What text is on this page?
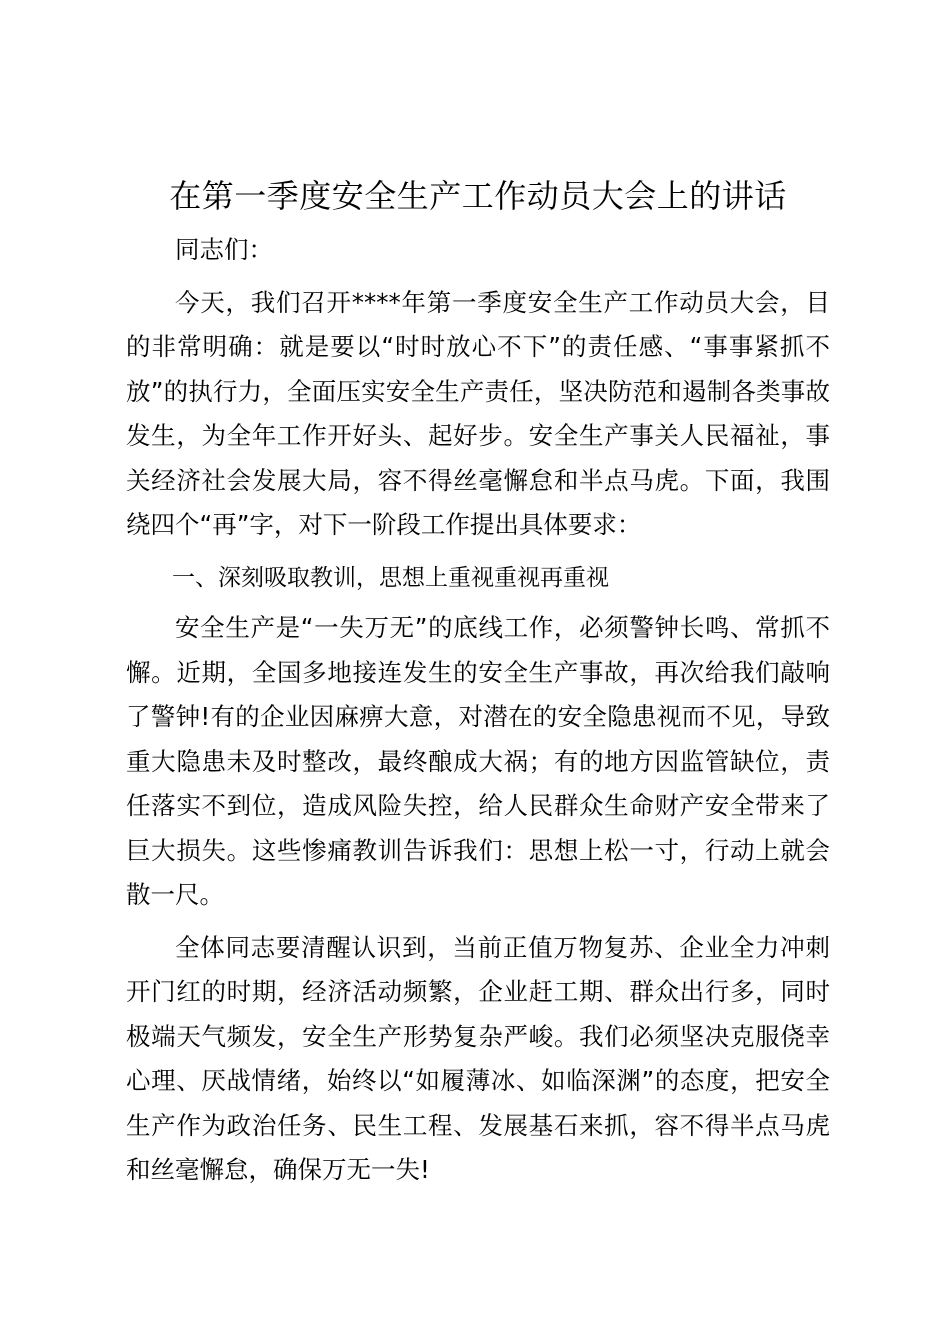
在第一季度安全生产工作动员大会上的讲话

同志们：

今天，我们召开****年第一季度安全生产工作动员大会，目的非常明确：就是要以“时时放心不下”的责任感、“事事紧抓不放”的执行力，全面压实安全生产责任，坚决防范和遏制各类事故发生，为全年工作开好头、起好步。安全生产事关人民福祉，事关经济社会发展大局，容不得丝毫懈怠和半点马虎。下面，我围绕四个“再”字，对下一阶段工作提出具体要求：

一、深刻吸取教训，思想上重视重视再重视

安全生产是“一失万无”的底线工作，必须警钟长鸣、常抓不懈。近期，全国多地接连发生的安全生产事故，再次给我们敲响了警钟!有的企业因麻痹大意，对潜在的安全隐患视而不见，导致重大隐患未及时整改，最终酿成大祸；有的地方因监管缺位，责任落实不到位，造成风险失控，给人民群众生命财产安全带来了巨大损失。这些惨痛教训告诉我们：思想上松一寸，行动上就会散一尺。

全体同志要清醒认识到，当前正值万物复苏、企业全力冲刺开门红的时期，经济活动频繁，企业赶工期、群众出行多，同时极端天气频发，安全生产形势复杂严峻。我们必须坚决克服侥幸心理、厌战情绪，始终以“如履薄冰、如临深渊”的态度，把安全生产作为政治任务、民生工程、发展基石来抓，容不得半点马虎和丝毫懈怠，确保万无一失!
